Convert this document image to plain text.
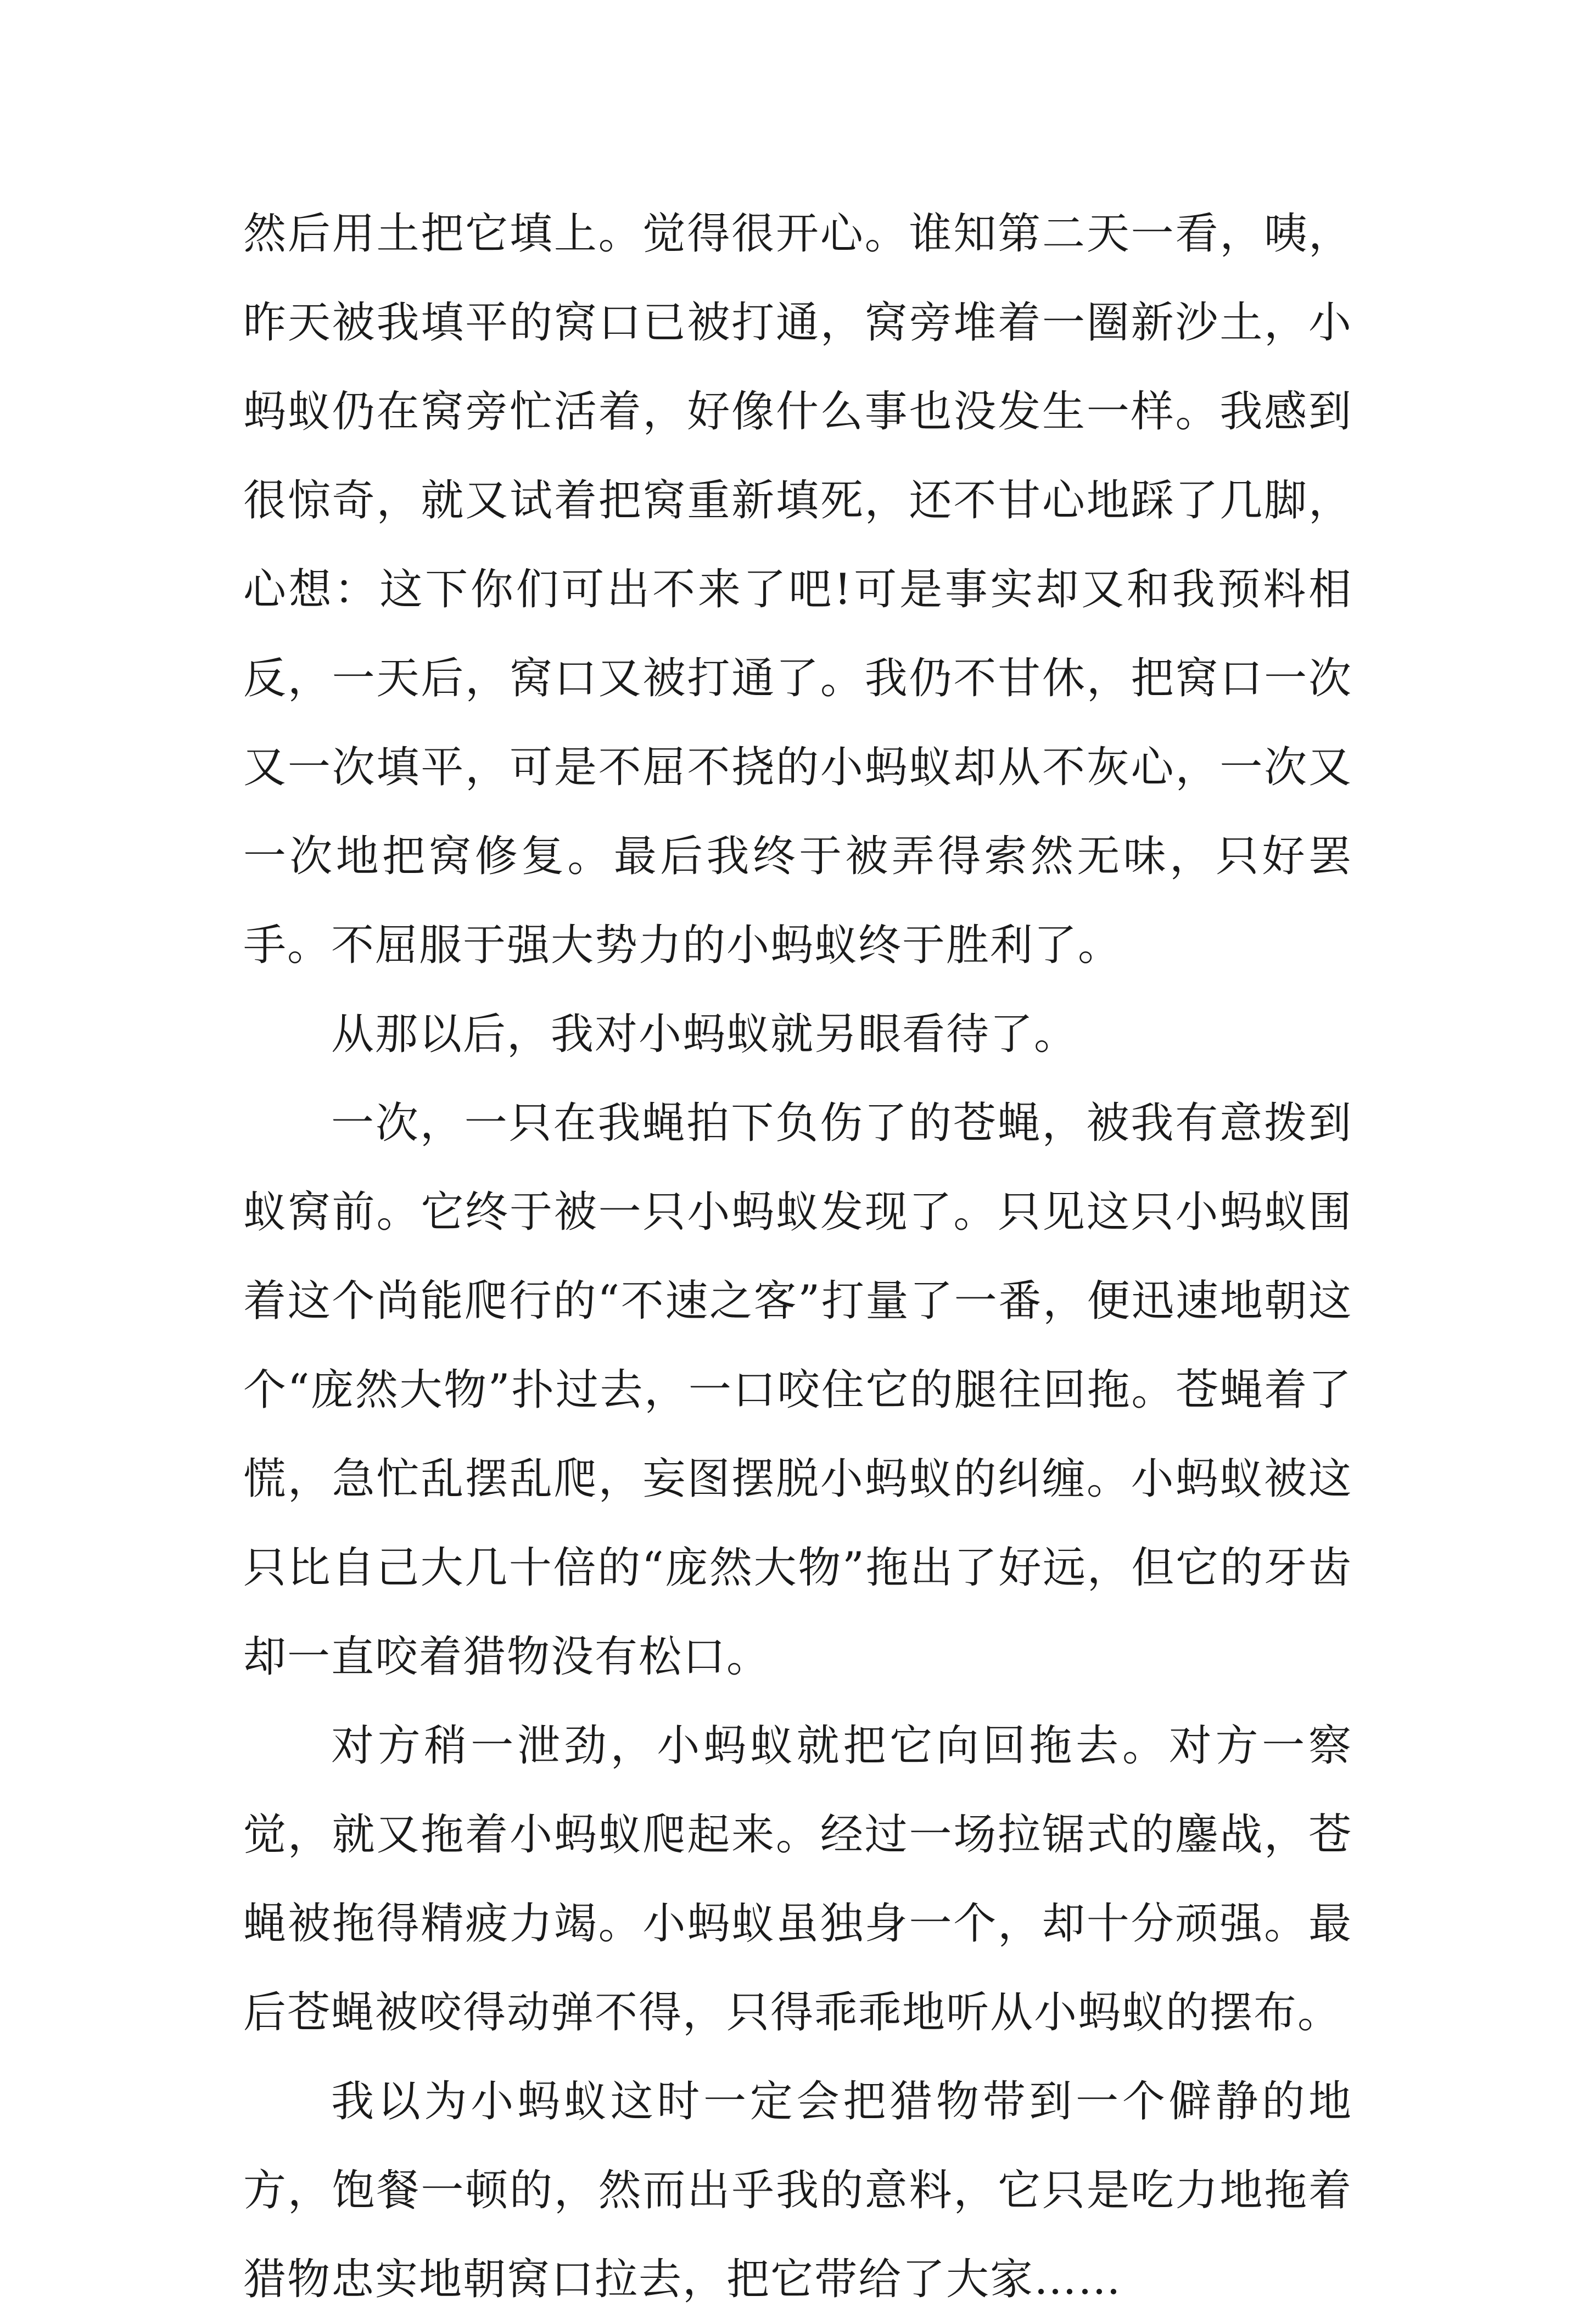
然后用土把它填上。觉得很开心。谁知第二天一看，咦，昨天被我填平的窝口已被打通，窝旁堆着一圈新沙土，小蚂蚁仍在窝旁忙活着，好像什么事也没发生一样。我感到很惊奇，就又试着把窝重新填死，还不甘心地踩了几脚，心想：这下你们可出不来了吧!可是事实却又和我预料相反，一天后，窝口又被打通了。我仍不甘休，把窝口一次又一次填平，可是不屈不挠的小蚂蚁却从不灰心，一次又一次地把窝修复。最后我终于被弄得索然无味，只好罢手。不屈服于强大势力的小蚂蚁终于胜利了。

从那以后，我对小蚂蚁就另眼看待了。

一次，一只在我蝇拍下负伤了的苍蝇，被我有意拨到蚁窝前。它终于被一只小蚂蚁发现了。只见这只小蚂蚁围着这个尚能爬行的“不速之客”打量了一番，便迅速地朝这个“庞然大物”扑过去，一口咬住它的腿往回拖。苍蝇着了慌，急忙乱摆乱爬，妄图摆脱小蚂蚁的纠缠。小蚂蚁被这只比自己大几十倍的“庞然大物”拖出了好远，但它的牙齿却一直咬着猎物没有松口。

对方稍一泄劲，小蚂蚁就把它向回拖去。对方一察觉，就又拖着小蚂蚁爬起来。经过一场拉锯式的鏖战，苍蝇被拖得精疲力竭。小蚂蚁虽独身一个，却十分顽强。最后苍蝇被咬得动弹不得，只得乖乖地听从小蚂蚁的摆布。

我以为小蚂蚁这时一定会把猎物带到一个僻静的地方，饱餐一顿的，然而出乎我的意料，它只是吃力地拖着猎物忠实地朝窝口拉去，把它带给了大家……
